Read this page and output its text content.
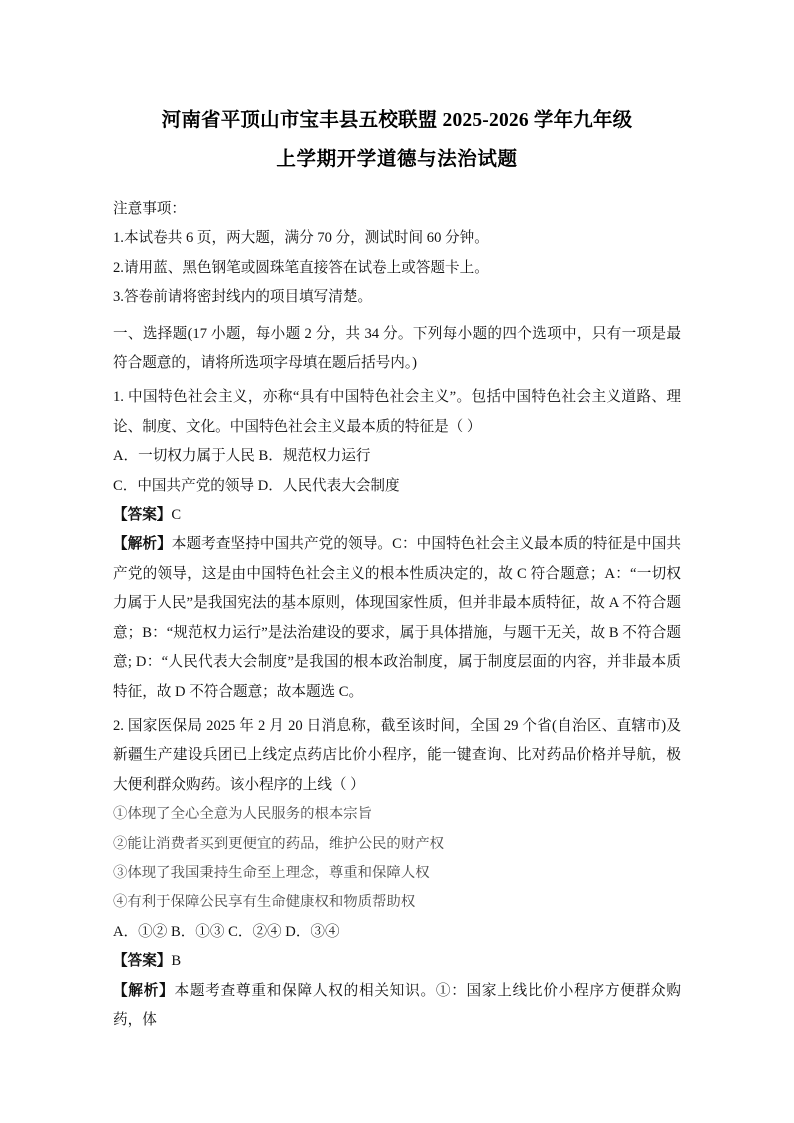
河南省平顶山市宝丰县五校联盟 2025-2026 学年九年级
上学期开学道德与法治试题

注意事项：

1.本试卷共 6 页，两大题，满分 70 分，测试时间 60 分钟。

2.请用蓝、黑色钢笔或圆珠笔直接答在试卷上或答题卡上。

3.答卷前请将密封线内的项目填写清楚。

一、选择题(17 小题，每小题 2 分，共 34 分。下列每小题的四个选项中，只有一项是最符合题意的，请将所选项字母填在题后括号内。)

1. 中国特色社会主义，亦称“具有中国特色社会主义”。包括中国特色社会主义道路、理论、制度、文化。中国特色社会主义最本质的特征是（ ）

A．一切权力属于人民 B．规范权力运行

C．中国共产党的领导 D．人民代表大会制度

【答案】C

【解析】本题考查坚持中国共产党的领导。C：中国特色社会主义最本质的特征是中国共产党的领导，这是由中国特色社会主义的根本性质决定的，故 C 符合题意；A：“一切权力属于人民”是我国宪法的基本原则，体现国家性质，但并非最本质特征，故 A 不符合题意；B：“规范权力运行”是法治建设的要求，属于具体措施，与题干无关，故 B 不符合题意; D：“人民代表大会制度”是我国的根本政治制度，属于制度层面的内容，并非最本质特征，故 D 不符合题意；故本题选 C。

2. 国家医保局 2025 年 2 月 20 日消息称，截至该时间，全国 29 个省(自治区、直辖市)及新疆生产建设兵团已上线定点药店比价小程序，能一键查询、比对药品价格并导航，极大便利群众购药。该小程序的上线（ ）

①体现了全心全意为人民服务的根本宗旨

②能让消费者买到更便宜的药品，维护公民的财产权

③体现了我国秉持生命至上理念，尊重和保障人权

④有利于保障公民享有生命健康权和物质帮助权

A．①② B．①③ C．②④ D．③④

【答案】B

【解析】本题考查尊重和保障人权的相关知识。①：国家上线比价小程序方便群众购药，体
